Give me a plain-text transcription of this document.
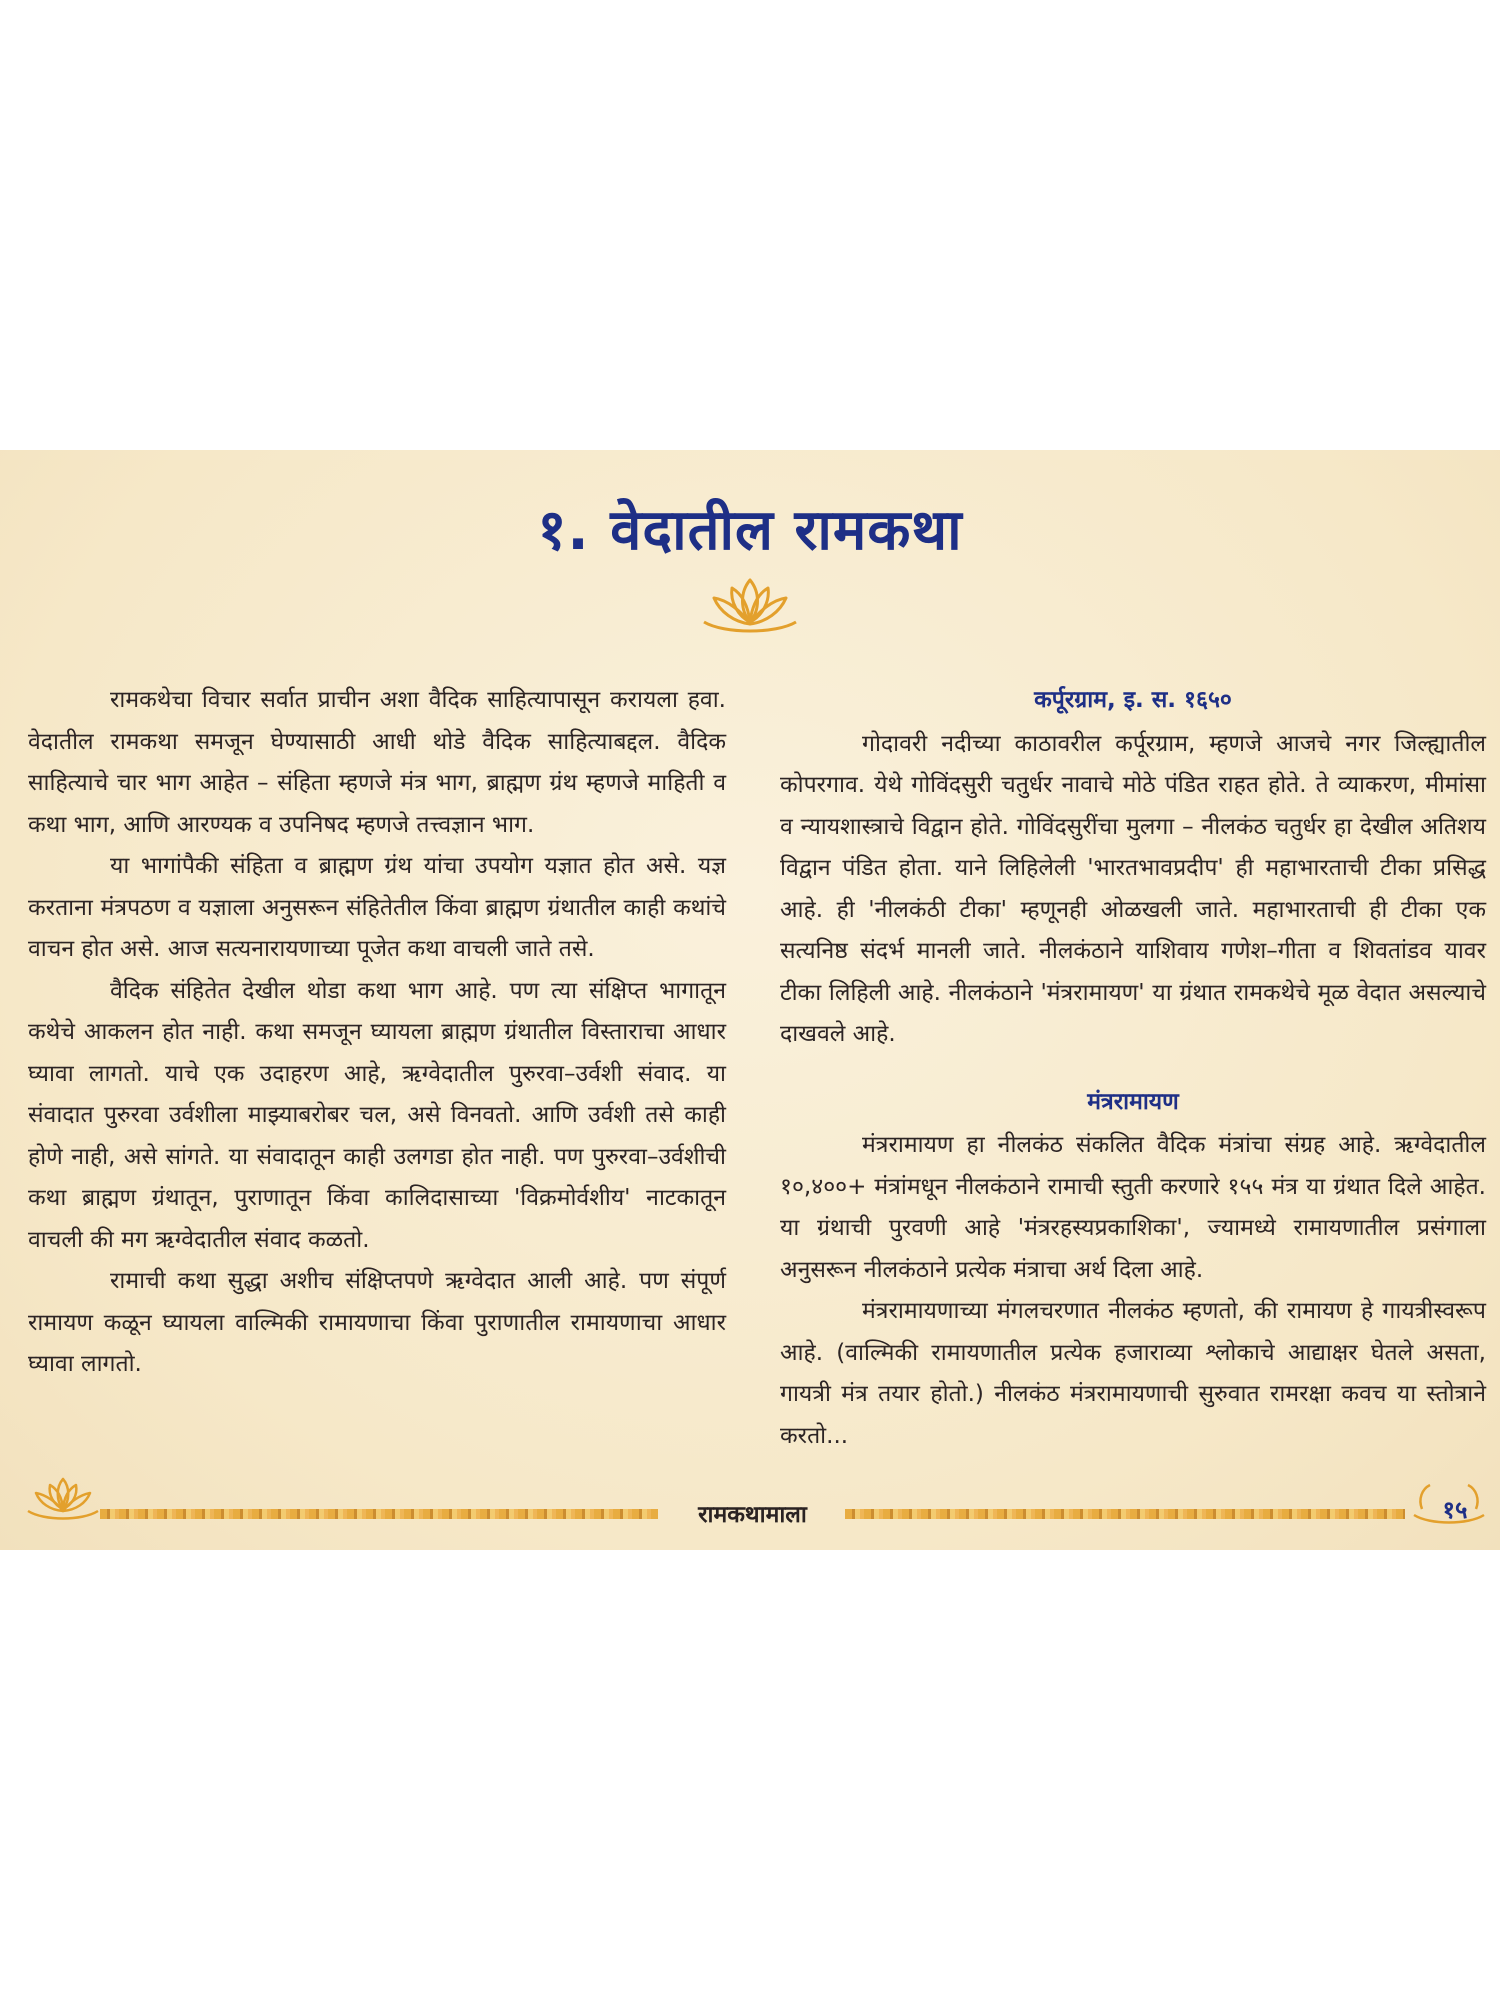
१. वेदातील रामकथा

रामकथेचा विचार सर्वात प्राचीन अशा वैदिक साहित्यापासून करायला हवा. वेदातील रामकथा समजून घेण्यासाठी आधी थोडे वैदिक साहित्याबद्दल. वैदिक साहित्याचे चार भाग आहेत – संहिता म्हणजे मंत्र भाग, ब्राह्मण ग्रंथ म्हणजे माहिती व कथा भाग, आणि आरण्यक व उपनिषद म्हणजे तत्त्वज्ञान भाग.

या भागांपैकी संहिता व ब्राह्मण ग्रंथ यांचा उपयोग यज्ञात होत असे. यज्ञ करताना मंत्रपठण व यज्ञाला अनुसरून संहितेतील किंवा ब्राह्मण ग्रंथातील काही कथांचे वाचन होत असे. आज सत्यनारायणाच्या पूजेत कथा वाचली जाते तसे.

वैदिक संहितेत देखील थोडा कथा भाग आहे. पण त्या संक्षिप्त भागातून कथेचे आकलन होत नाही. कथा समजून घ्यायला ब्राह्मण ग्रंथातील विस्ताराचा आधार घ्यावा लागतो. याचे एक उदाहरण आहे, ऋग्वेदातील पुरुरवा–उर्वशी संवाद. या संवादात पुरुरवा उर्वशीला माझ्याबरोबर चल, असे विनवतो. आणि उर्वशी तसे काही होणे नाही, असे सांगते. या संवादातून काही उलगडा होत नाही. पण पुरुरवा–उर्वशीची कथा ब्राह्मण ग्रंथातून, पुराणातून किंवा कालिदासाच्या 'विक्रमोर्वशीय' नाटकातून वाचली की मग ऋग्वेदातील संवाद कळतो.

रामाची कथा सुद्धा अशीच संक्षिप्तपणे ऋग्वेदात आली आहे. पण संपूर्ण रामायण कळून घ्यायला वाल्मिकी रामायणाचा किंवा पुराणातील रामायणाचा आधार घ्यावा लागतो.

कर्पूरग्राम, इ. स. १६५०

गोदावरी नदीच्या काठावरील कर्पूरग्राम, म्हणजे आजचे नगर जिल्ह्यातील कोपरगाव. येथे गोविंदसुरी चतुर्धर नावाचे मोठे पंडित राहत होते. ते व्याकरण, मीमांसा व न्यायशास्त्राचे विद्वान होते. गोविंदसुरींचा मुलगा – नीलकंठ चतुर्धर हा देखील अतिशय विद्वान पंडित होता. याने लिहिलेली 'भारतभावप्रदीप' ही महाभारताची टीका प्रसिद्ध आहे. ही 'नीलकंठी टीका' म्हणूनही ओळखली जाते. महाभारताची ही टीका एक सत्यनिष्ठ संदर्भ मानली जाते. नीलकंठाने याशिवाय गणेश–गीता व शिवतांडव यावर टीका लिहिली आहे. नीलकंठाने 'मंत्ररामायण' या ग्रंथात रामकथेचे मूळ वेदात असल्याचे दाखवले आहे.

मंत्ररामायण

मंत्ररामायण हा नीलकंठ संकलित वैदिक मंत्रांचा संग्रह आहे. ऋग्वेदातील १०,४००+ मंत्रांमधून नीलकंठाने रामाची स्तुती करणारे १५५ मंत्र या ग्रंथात दिले आहेत. या ग्रंथाची पुरवणी आहे 'मंत्ररहस्यप्रकाशिका', ज्यामध्ये रामायणातील प्रसंगाला अनुसरून नीलकंठाने प्रत्येक मंत्राचा अर्थ दिला आहे.

मंत्ररामायणाच्या मंगलचरणात नीलकंठ म्हणतो, की रामायण हे गायत्रीस्वरूप आहे. (वाल्मिकी रामायणातील प्रत्येक हजाराव्या श्लोकाचे आद्याक्षर घेतले असता, गायत्री मंत्र तयार होतो.) नीलकंठ मंत्ररामायणाची सुरुवात रामरक्षा कवच या स्तोत्राने करतो...

रामकथामाला	१५
